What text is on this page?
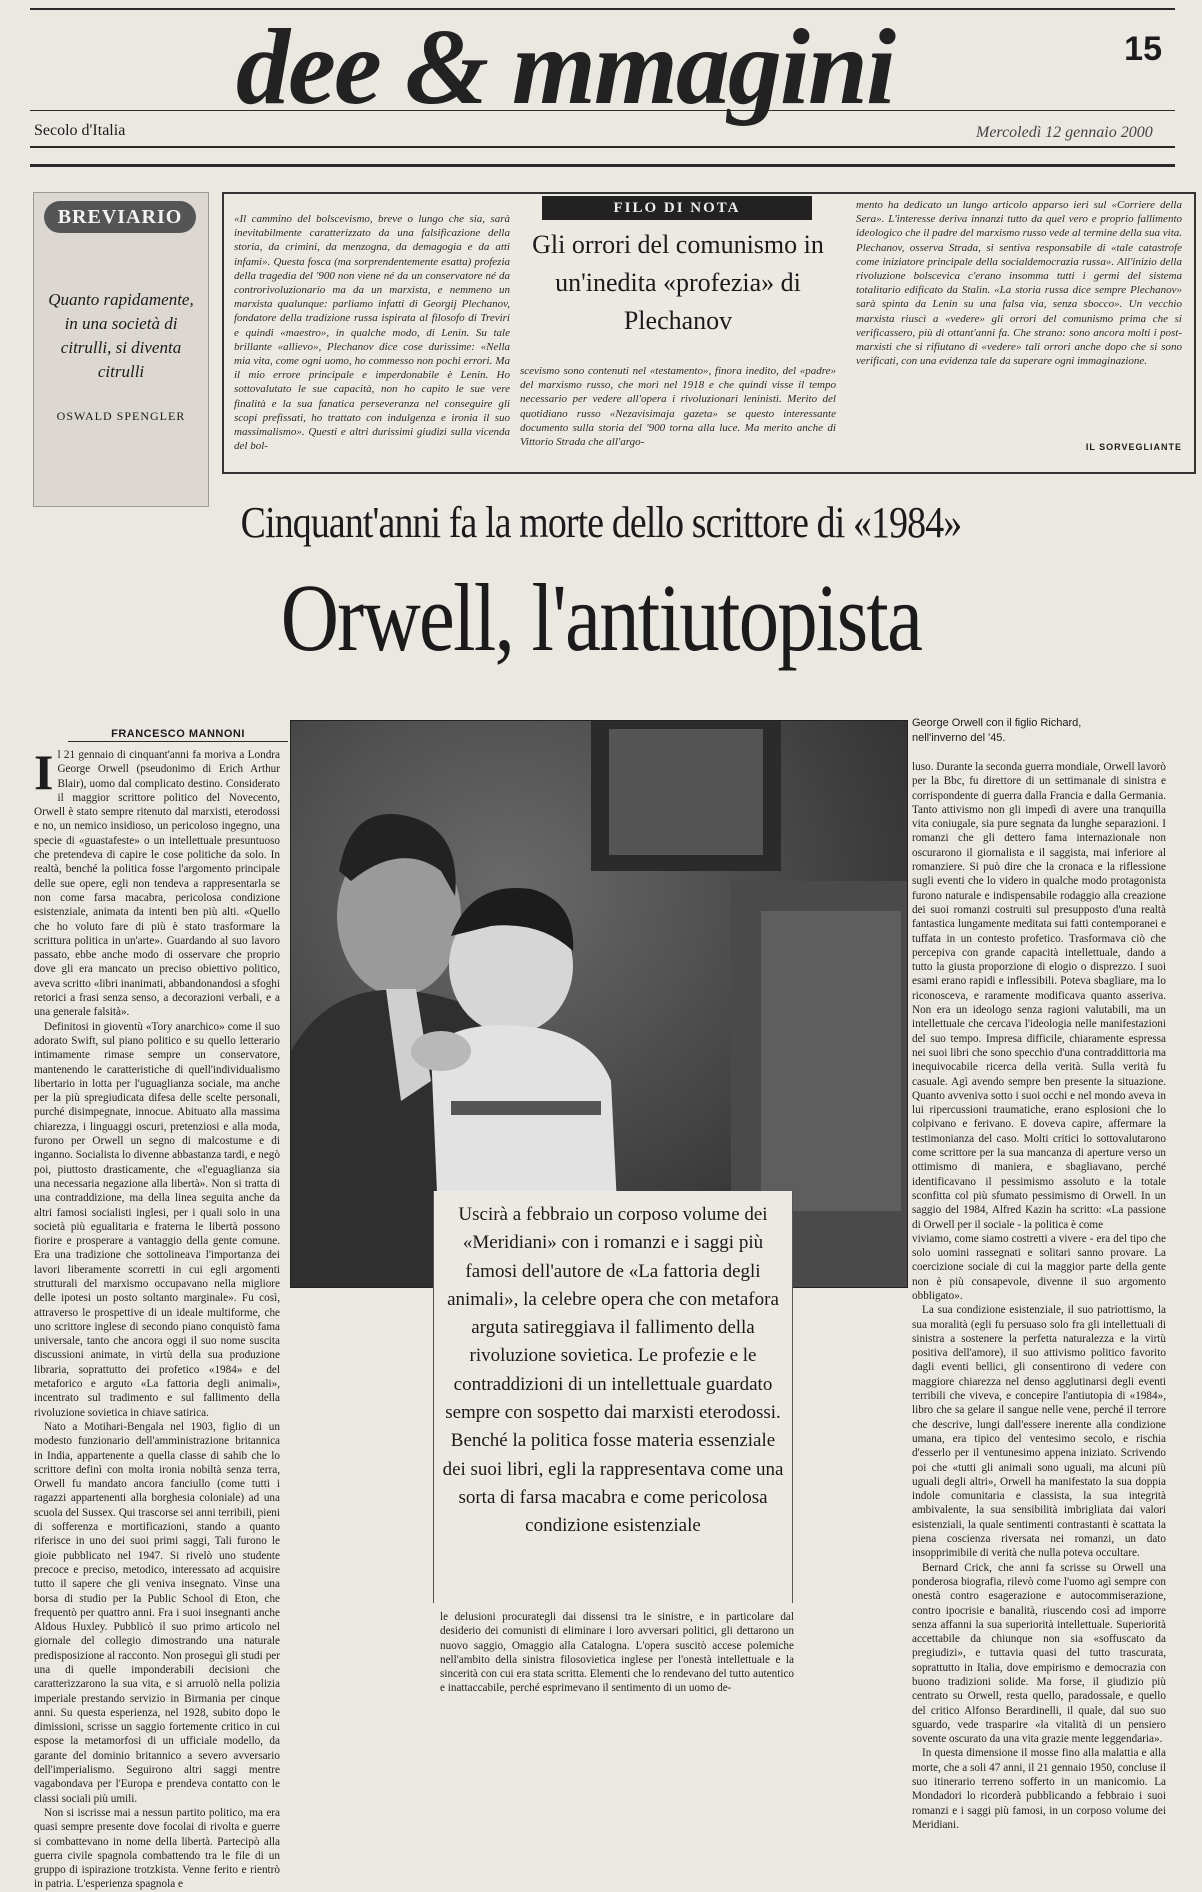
dee & mmagini
Secolo d'Italia	Mercoledì 12 gennaio 2000
15
BREVIARIO
Quanto rapidamente, in una società di citrulli, si diventa citrulli
OSWALD SPENGLER
«Il cammino del bolscevismo, breve o lungo che sia, sarà inevitabilmente caratterizzato da una falsificazione della storia, da crimini, da menzogna, da demagogia e da atti infami». Questa fosca (ma sorprendentemente esatta) profezia della tragedia del '900 non viene né da un conservatore né da controrivoluzionario ma da un marxista, e nemmeno un marxista qualunque: parliamo infatti di Georgij Plechanov, fondatore della tradizione russa ispirata al filosofo di Treviri e quindi «maestro», in qualche modo, di Lenin. Su tale brillante «allievo», Plechanov dice cose durissime: «Nella mia vita, come ogni uomo, ho commesso non pochi errori. Ma il mio errore principale e imperdonabile è Lenin. Ho sottovalutato le sue capacità, non ho capito le sue vere finalità e la sua fanatica perseveranza nel conseguire gli scopi prefissati, ho trattato con indulgenza e ironia il suo massimalismo». Questi e altri durissimi giudizi sulla vicenda del bol-
FILO DI NOTA
Gli orrori del comunismo in un'inedita «profezia» di Plechanov
scevismo sono contenuti nel «testamento», finora inedito, del «padre» del marxismo russo, che morì nel 1918 e che quindi visse il tempo necessario per vedere all'opera i rivoluzionari leninisti. Merito del quotidiano russo «Nezavisimaja gazeta» se questo interessante documento sulla storia del '900 torna alla luce. Ma merito anche di Vittorio Strada che all'argo-
mento ha dedicato un lungo articolo apparso ieri sul «Corriere della Sera». L'interesse deriva innanzi tutto da quel vero e proprio fallimento ideologico che il padre del marxismo russo vede al termine della sua vita. Plechanov, osserva Strada, si sentiva responsabile di «tale catastrofe come iniziatore principale della socialdemocrazia russa». All'inizio della rivoluzione bolscevica c'erano insomma tutti i germi del sistema totalitario edificato da Stalin. «La storia russa dice sempre Plechanov» sarà spinta da Lenin su una falsa via, senza sbocco». Un vecchio marxista riuscì a «vedere» gli orrori del comunismo prima che si verificassero, più di ottant'anni fa. Che strano: sono ancora molti i post-marxisti che si rifiutano di «vedere» tali orrori anche dopo che si sono verificati, con una evidenza tale da superare ogni immaginazione.
IL SORVEGLIANTE
Cinquant'anni fa la morte dello scrittore di «1984»
Orwell, l'antiutopista
FRANCESCO MANNONI
George Orwell con il figlio Richard, nell'inverno del '45.
I l 21 gennaio di cinquant'anni fa moriva a Londra George Orwell (pseudonimo di Erich Arthur Blair), uomo dal complicato destino. Considerato il maggior scrittore politico del Novecento, Orwell è stato sempre ritenuto dal marxisti, eterodossi e no, un nemico insidioso, un pericoloso ingegno, una specie di «guastafeste» o un intellettuale presuntuoso che pretendeva di capire le cose politiche da solo. In realtà, benché la politica fosse l'argomento principale delle sue opere, egli non tendeva a rappresentarla se non come farsa macabra, pericolosa condizione esistenziale, animata da intenti ben più alti. «Quello che ho voluto fare di più è stato trasformare la scrittura politica in un'arte». Guardando al suo lavoro passato, ebbe anche modo di osservare che proprio dove gli era mancato un preciso obiettivo politico, aveva scritto «libri inanimati, abbandonandosi a sfoghi retorici a frasi senza senso, a decorazioni verbali, e a una generale falsità».

Definitosi in gioventù «Tory anarchico» come il suo adorato Swift, sul piano politico e su quello letterario intimamente rimase sempre un conservatore, mantenendo le caratteristiche di quell'individualismo libertario in lotta per l'uguaglianza sociale, ma anche per la più spregiudicata difesa delle scelte personali, purché disimpegnate, innocue. Abituato alla massima chiarezza, i linguaggi oscuri, pretenziosi e alla moda, furono per Orwell un segno di malcostume e di inganno. Socialista lo divenne abbastanza tardi, e negò poi, piuttosto drasticamente, che «l'eguaglianza sia una necessaria negazione alla libertà». Non si tratta di una contraddizione, ma della linea seguita anche da altri famosi socialisti inglesi, per i quali solo in una società più egualitaria e fraterna le libertà possono fiorire e prosperare a vantaggio della gente comune. Era una tradizione che sottolineava l'importanza dei lavori liberamente scorretti in cui egli argomenti strutturali del marxismo occupavano nella migliore delle ipotesi un posto soltanto marginale». Fu così, attraverso le prospettive di un ideale multiforme, che uno scrittore inglese di secondo piano conquistò fama universale, tanto che ancora oggi il suo nome suscita discussioni animate, in virtù della sua produzione libraria, soprattutto dei profetico «1984» e del metaforico e arguto «La fattoria degli animali», incentrato sul tradimento e sul fallimento della rivoluzione sovietica in chiave satirica.

Nato a Motihari-Bengala nel 1903, figlio di un modesto funzionario dell'amministrazione britannica in India, appartenente a quella classe di sahib che lo scrittore definì con molta ironia nobiltà senza terra, Orwell fu mandato ancora fanciullo (come tutti i ragazzi appartenenti alla borghesia coloniale) ad una scuola del Sussex. Qui trascorse sei anni terribili, pieni di sofferenza e mortificazioni, stando a quanto riferisce in uno dei suoi primi saggi, Tali furono le gioie pubblicato nel 1947. Si rivelò uno studente precoce e preciso, metodico, interessato ad acquisire tutto il sapere che gli veniva insegnato. Vinse una borsa di studio per la Public School di Eton, che frequentò per quattro anni. Fra i suoi insegnanti anche Aldous Huxley. Pubblicò il suo primo articolo nel giornale del collegio dimostrando una naturale predisposizione al racconto. Non proseguì gli studi per una di quelle imponderabili decisioni che caratterizzarono la sua vita, e si arruolò nella polizia imperiale prestando servizio in Birmania per cinque anni. Su questa esperienza, nel 1928, subito dopo le dimissioni, scrisse un saggio fortemente critico in cui espose la metamorfosi di un ufficiale modello, da garante del dominio britannico a severo avversario dell'imperialismo. Seguirono altri saggi mentre vagabondava per l'Europa e prendeva contatto con le classi sociali più umili.

Non si iscrisse mai a nessun partito politico, ma era quasi sempre presente dove focolai di rivolta e guerre si combattevano in nome della libertà. Partecipò alla guerra civile spagnola combattendo tra le file di un gruppo di ispirazione trotzkista. Venne ferito e rientrò in patria. L'esperienza spagnola e

luso. Durante la seconda guerra mondiale, Orwell lavorò per la Bbc, fu direttore di un settimanale di sinistra e corrispondente di guerra dalla Francia e dalla Germania. Tanto attivismo non gli impedì di avere una tranquilla vita coniugale, sia pure segnata da lunghe separazioni. I romanzi che gli dettero fama internazionale non oscurarono il giornalista e il saggista, mai inferiore al romanziere. Si può dire che la cronaca e la riflessione sugli eventi che lo videro in qualche modo protagonista furono naturale e indispensabile rodaggio alla creazione dei suoi romanzi costruiti sul presupposto d'una realtà fantastica lungamente meditata sui fatti contemporanei e tuffata in un contesto profetico. Trasformava ciò che percepiva con grande capacità intellettuale, dando a tutto la giusta proporzione di elogio o disprezzo. I suoi esami erano rapidi e inflessibili. Poteva sbagliare, ma lo riconosceva, e raramente modificava quanto asseriva. Non era un ideologo senza ragioni valutabili, ma un intellettuale che cercava l'ideologia nelle manifestazioni del suo tempo. Impresa difficile, chiaramente espressa nei suoi libri che sono specchio d'una contraddittoria ma inequivocabile ricerca della verità. Sulla verità fu casuale. Agì avendo sempre ben presente la situazione. Quanto avveniva sotto i suoi occhi e nel mondo aveva in lui ripercussioni traumatiche, erano esplosioni che lo colpivano e ferivano. E doveva capire, affermare la testimonianza del caso. Molti critici lo sottovalutarono come scrittore per la sua mancanza di aperture verso un ottimismo di maniera, e sbagliavano, perché identificavano il pessimismo assoluto e la totale sconfitta col più sfumato pessimismo di Orwell. In un saggio del 1984, Alfred Kazin ha scritto: «La passione di Orwell per il sociale - la politica è come

viviamo, come siamo costretti a vivere - era del tipo che solo uomini rassegnati e solitari sanno provare. La coercizione sociale di cui la maggior parte della gente non è più consapevole, divenne il suo argomento obbligato».

La sua condizione esistenziale, il suo patriottismo, la sua moralità (egli fu persuaso solo fra gli intellettuali di sinistra a sostenere la perfetta naturalezza e la virtù positiva dell'amore), il suo attivismo politico favorito dagli eventi bellici, gli consentirono di vedere con maggiore chiarezza nel denso agglutinarsi degli eventi terribili che viveva, e concepire l'antiutopia di «1984», libro che sa gelare il sangue nelle vene, perché il terrore che descrive, lungi dall'essere inerente alla condizione umana, era tipico del ventesimo secolo, e rischia d'esserlo per il ventunesimo appena iniziato. Scrivendo poi che «tutti gli animali sono uguali, ma alcuni più uguali degli altri», Orwell ha manifestato la sua doppia indole comunitaria e classista, la sua integrità ambivalente, la sua sensibilità imbrigliata dai valori esistenziali, la quale sentimenti contrastanti è scattata la piena coscienza riversata nei romanzi, un dato insopprimibile di verità che nulla poteva occultare.

Bernard Crick, che anni fa scrisse su Orwell una ponderosa biografia, rilevò come l'uomo agì sempre con onestà contro esagerazione e autocommiserazione, contro ipocrisie e banalità, riuscendo così ad imporre senza affanni la sua superiorità intellettuale. Superiorità accettabile da chiunque non sia «soffuscato da pregiudizi», e tuttavia quasi del tutto trascurata, soprattutto in Italia, dove empirismo e democrazia con buono tradizioni solide. Ma forse, il giudizio più centrato su Orwell, resta quello, paradossale, e quello del critico Alfonso Berardinelli, il quale, dal suo suo sguardo, vede trasparire «la vitalità di un pensiero sovente oscurato da una vita grazie mente leggendaria».

In questa dimensione il mosse fino alla malattia e alla morte, che a soli 47 anni, il 21 gennaio 1950, concluse il suo itinerario terreno sofferto in un manicomio. La Mondadori lo ricorderà pubblicando a febbraio i suoi romanzi e i saggi più famosi, in un corposo volume dei Meridiani.

Uscirà a febbraio un corposo volume dei «Meridiani» con i romanzi e i saggi più famosi dell'autore de «La fattoria degli animali», la celebre opera che con metafora arguta satireggiava il fallimento della rivoluzione sovietica. Le profezie e le contraddizioni di un intellettuale guardato sempre con sospetto dai marxisti eterodossi. Benché la politica fosse materia essenziale dei suoi libri, egli la rappresentava come una sorta di farsa macabra e come pericolosa condizione esistenziale
le delusioni procurategli dai dissensi tra le sinistre, e in particolare dal desiderio dei comunisti di eliminare i loro avversari politici, gli dettarono un nuovo saggio, Omaggio alla Catalogna. L'opera suscitò accese polemiche nell'ambito della sinistra filosovietica inglese per l'onestà intellettuale e la sincerità con cui era stata scritta. Elementi che lo rendevano del tutto autentico e inattaccabile, perché esprimevano il sentimento di un uomo de-
